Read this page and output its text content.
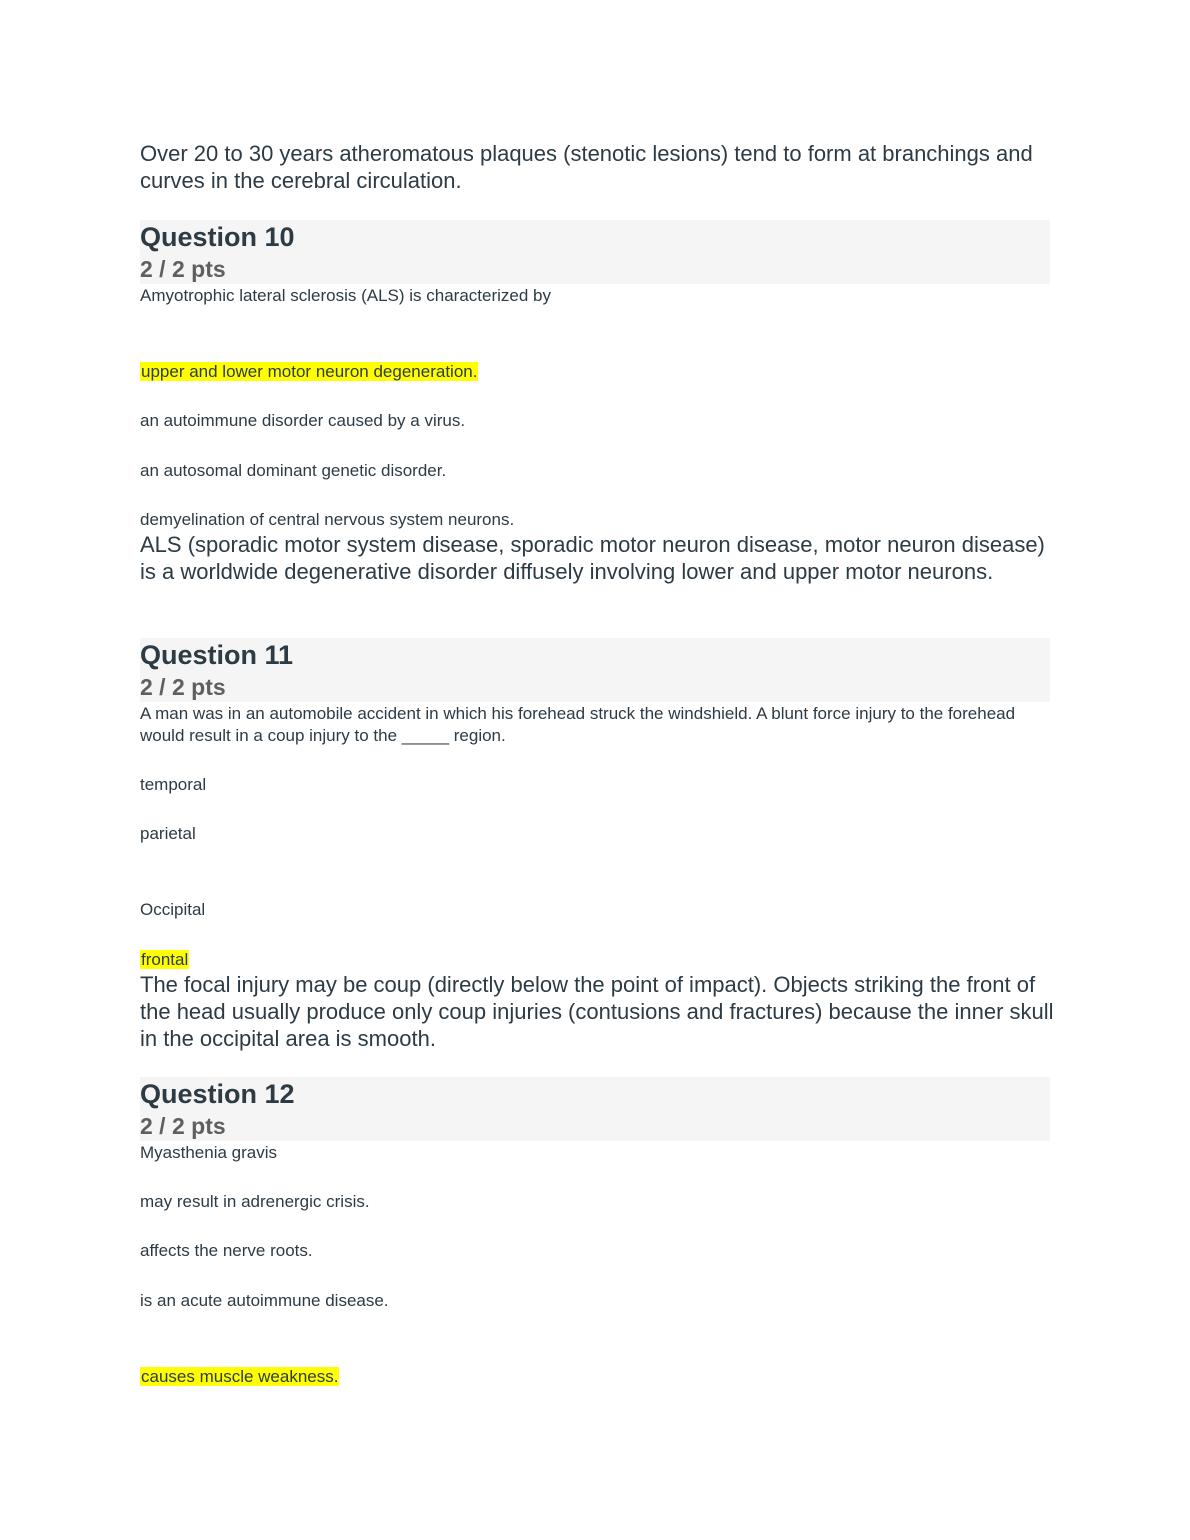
Over 20 to 30 years atheromatous plaques (stenotic lesions) tend to form at branchings and curves in the cerebral circulation.
Question 10
2 / 2 pts
Amyotrophic lateral sclerosis (ALS) is characterized by
upper and lower motor neuron degeneration.
an autoimmune disorder caused by a virus.
an autosomal dominant genetic disorder.
demyelination of central nervous system neurons.
ALS (sporadic motor system disease, sporadic motor neuron disease, motor neuron disease) is a worldwide degenerative disorder diffusely involving lower and upper motor neurons.
Question 11
2 / 2 pts
A man was in an automobile accident in which his forehead struck the windshield. A blunt force injury to the forehead would result in a coup injury to the _____ region.
temporal
parietal
Occipital
frontal
The focal injury may be coup (directly below the point of impact). Objects striking the front of the head usually produce only coup injuries (contusions and fractures) because the inner skull in the occipital area is smooth.
Question 12
2 / 2 pts
Myasthenia gravis
may result in adrenergic crisis.
affects the nerve roots.
is an acute autoimmune disease.
causes muscle weakness.
